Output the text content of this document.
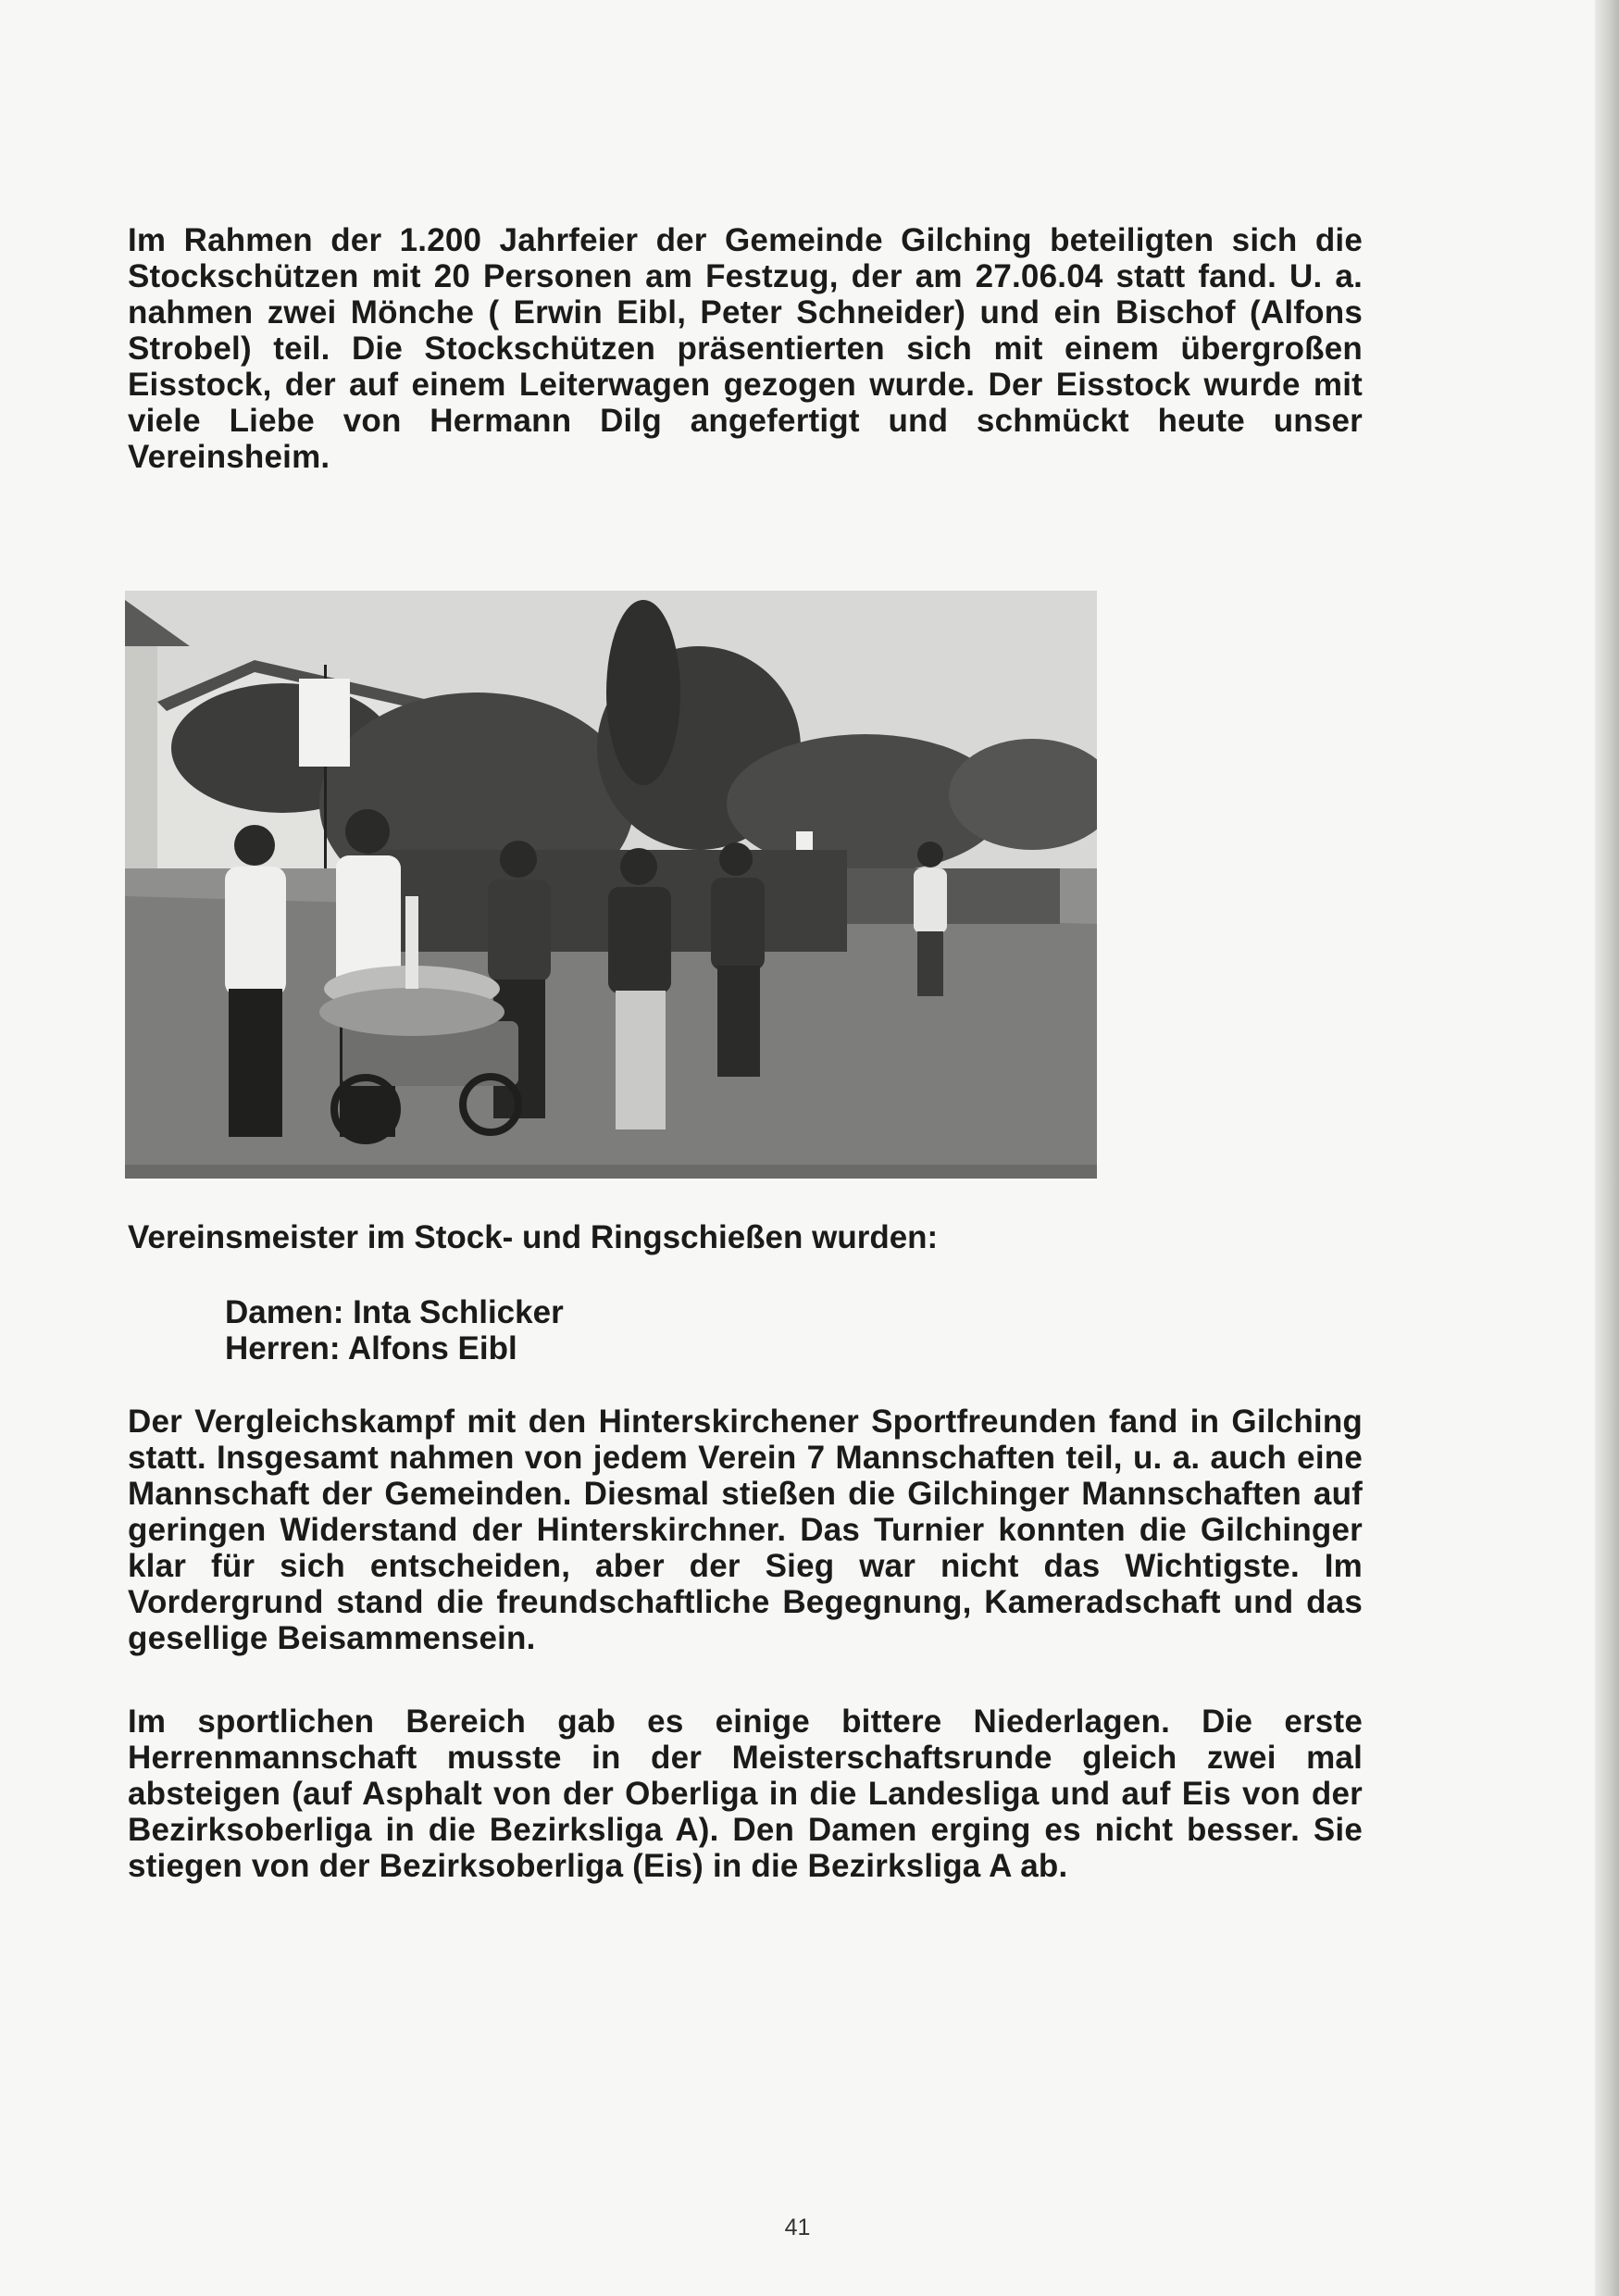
Im Rahmen der 1.200 Jahrfeier der Gemeinde Gilching beteiligten sich die Stockschützen mit 20 Personen am Festzug, der am 27.06.04 statt fand. U. a. nahmen zwei Mönche ( Erwin Eibl, Peter Schneider) und ein Bischof (Alfons Strobel) teil. Die Stockschützen präsentierten sich mit einem übergroßen Eisstock, der auf einem Leiterwagen gezogen wurde. Der Eisstock wurde mit viele Liebe von Hermann Dilg angefertigt und schmückt heute unser Vereinsheim.

Vereinsmeister im Stock- und Ringschießen wurden:
Damen: Inta Schlicker
Herren: Alfons Eibl

Der Vergleichskampf mit den Hinterskirchener Sportfreunden fand in Gilching statt. Insgesamt nahmen von jedem Verein 7 Mannschaften teil, u. a. auch eine Mannschaft der Gemeinden. Diesmal stießen die Gilchinger Mannschaften auf geringen Widerstand der Hinterskirchner. Das Turnier konnten die Gilchinger klar für sich entscheiden, aber der Sieg war nicht das Wichtigste. Im Vordergrund stand die freundschaftliche Begegnung, Kameradschaft und das gesellige Beisammensein.

Im sportlichen Bereich gab es einige bittere Niederlagen. Die erste Herrenmannschaft musste in der Meisterschaftsrunde gleich zwei mal absteigen (auf Asphalt von der Oberliga in die Landesliga und auf Eis von der Bezirksoberliga in die Bezirksliga A). Den Damen erging es nicht besser. Sie stiegen von der Bezirksoberliga (Eis) in die Bezirksliga A ab.

41
